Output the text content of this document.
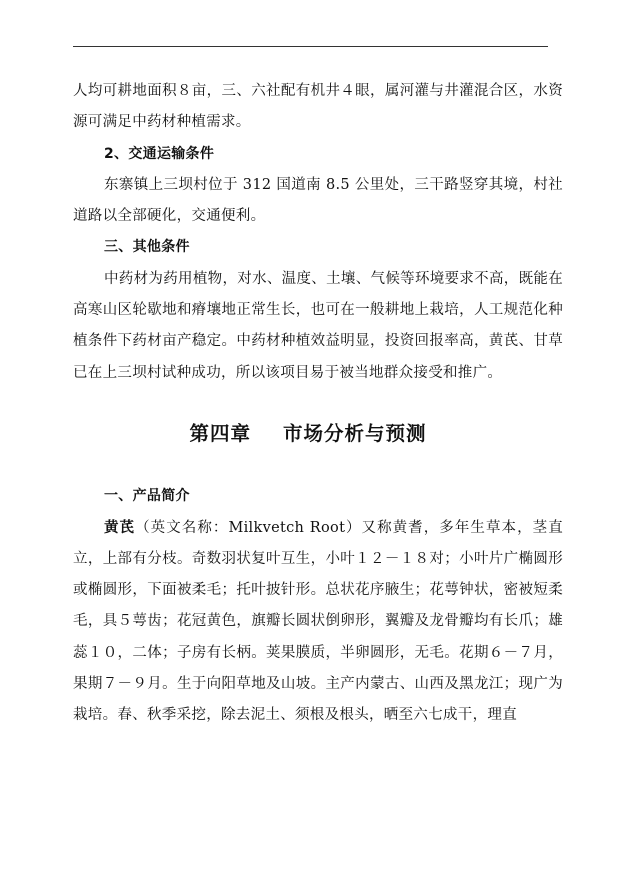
人均可耕地面积８亩，三、六社配有机井４眼，属河灌与井灌混合区，水资源可满足中药材种植需求。

2、交通运输条件

东寨镇上三坝村位于 312 国道南 8.5 公里处，三干路竖穿其境，村社道路以全部硬化，交通便利。

三、其他条件

中药材为药用植物，对水、温度、土壤、气候等环境要求不高，既能在高寒山区轮歇地和瘠壤地正常生长，也可在一般耕地上栽培，人工规范化种植条件下药材亩产稳定。中药材种植效益明显，投资回报率高，黄芪、甘草已在上三坝村试种成功，所以该项目易于被当地群众接受和推广。

第四章 市场分析与预测

一、产品简介

黄芪（英文名称：Milkvetch Root）又称黄耆，多年生草本，茎直立，上部有分枝。奇数羽状复叶互生，小叶１２－１８对；小叶片广椭圆形或椭圆形，下面被柔毛；托叶披针形。总状花序腋生；花萼钟状，密被短柔毛，具５萼齿；花冠黄色，旗瓣长圆状倒卵形，翼瓣及龙骨瓣均有长爪；雄蕊１０，二体；子房有长柄。荚果膜质，半卵圆形，无毛。花期６－７月，果期７－９月。生于向阳草地及山坡。主产内蒙古、山西及黑龙江；现广为栽培。春、秋季采挖，除去泥土、须根及根头，晒至六七成干，理直
